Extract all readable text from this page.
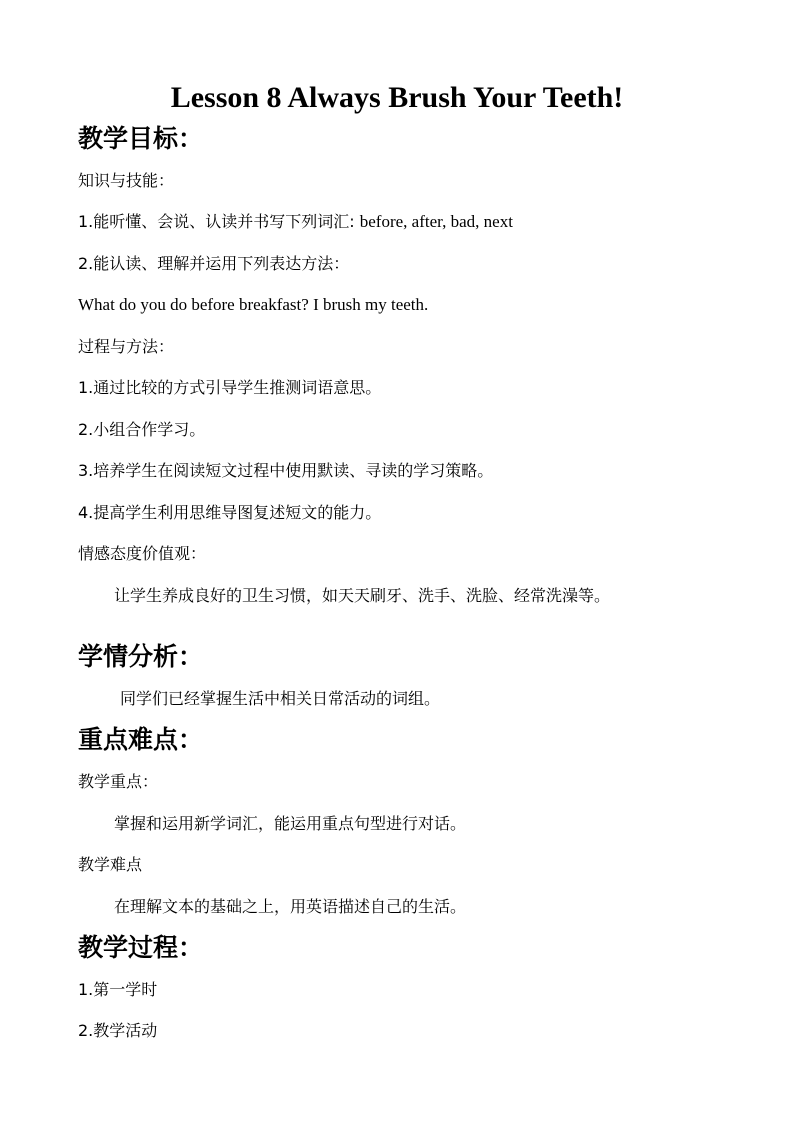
Lesson 8 Always Brush Your Teeth!
教学目标：
知识与技能：
1.能听懂、会说、认读并书写下列词汇: before, after, bad, next
2.能认读、理解并运用下列表达方法：
What do you do before breakfast? I brush my teeth.
过程与方法：
1.通过比较的方式引导学生推测词语意思。
2.小组合作学习。
3.培养学生在阅读短文过程中使用默读、寻读的学习策略。
4.提高学生利用思维导图复述短文的能力。
情感态度价值观：
让学生养成良好的卫生习惯，如天天刷牙、洗手、洗脸、经常洗澡等。
学情分析：
同学们已经掌握生活中相关日常活动的词组。
重点难点：
教学重点：
掌握和运用新学词汇，能运用重点句型进行对话。
教学难点
在理解文本的基础之上，用英语描述自己的生活。
教学过程：
1.第一学时
2.教学活动
